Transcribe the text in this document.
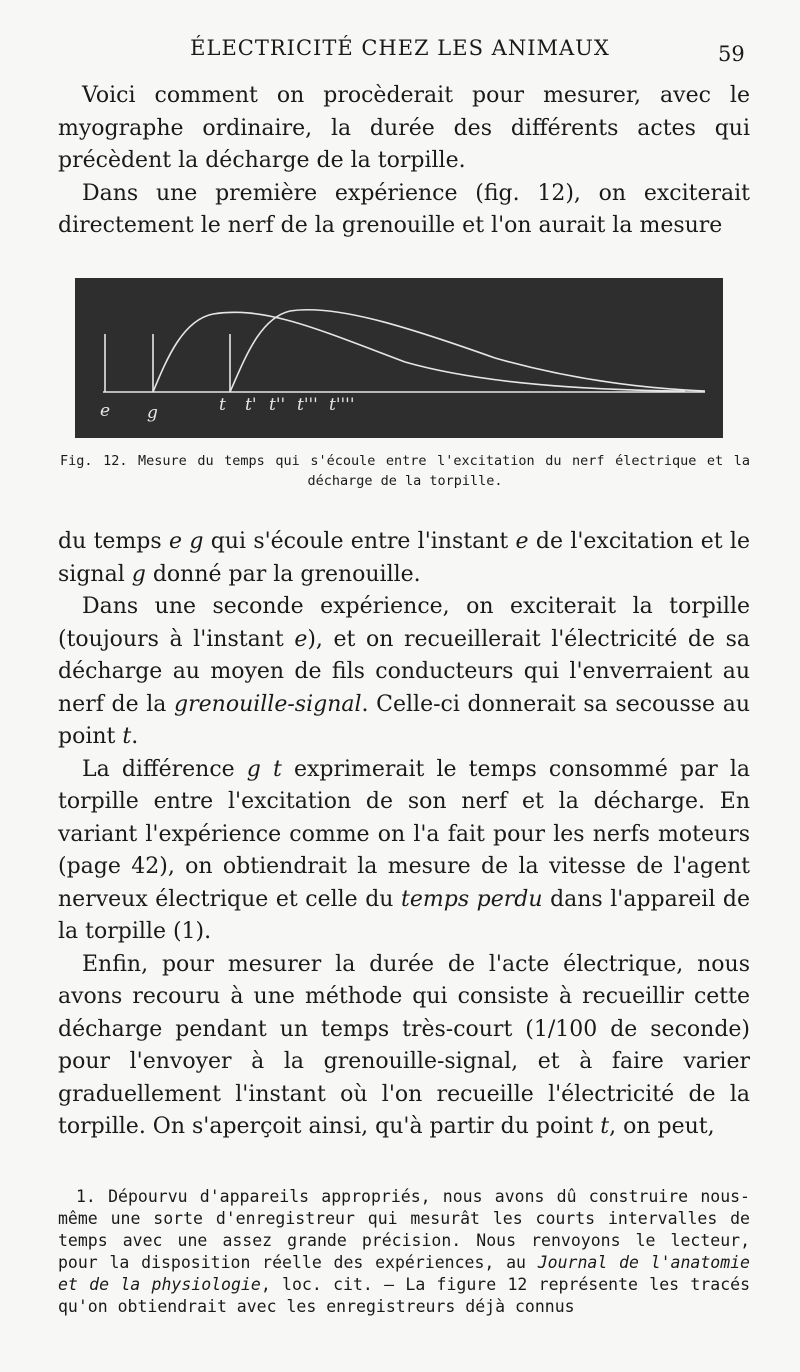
ÉLECTRICITÉ CHEZ LES ANIMAUX	59

Voici comment on procèderait pour mesurer, avec le myographe ordinaire, la durée des différents actes qui précèdent la décharge de la torpille.

Dans une première expérience (fig. 12), on exciterait directement le nerf de la grenouille et l'on aurait la mesure

e g	t t' t'' t''' t''''
Fig. 12. Mesure du temps qui s'écoule entre l'excitation du nerf électrique et la décharge de la torpille.

du temps e g qui s'écoule entre l'instant e de l'excitation et le signal g donné par la grenouille.

Dans une seconde expérience, on exciterait la torpille (toujours à l'instant e), et on recueillerait l'électricité de sa décharge au moyen de fils conducteurs qui l'enverraient au nerf de la grenouille-signal. Celle-ci donnerait sa secousse au point t.

La différence g t exprimerait le temps consommé par la torpille entre l'excitation de son nerf et la décharge. En variant l'expérience comme on l'a fait pour les nerfs moteurs (page 42), on obtiendrait la mesure de la vitesse de l'agent nerveux électrique et celle du temps perdu dans l'appareil de la torpille (1).

Enfin, pour mesurer la durée de l'acte électrique, nous avons recouru à une méthode qui consiste à recueillir cette décharge pendant un temps très-court (1/100 de seconde) pour l'envoyer à la grenouille-signal, et à faire varier graduellement l'instant où l'on recueille l'électricité de la torpille. On s'aperçoit ainsi, qu'à partir du point t, on peut,

1. Dépourvu d'appareils appropriés, nous avons dû construire nous-même une sorte d'enregistreur qui mesurât les courts intervalles de temps avec une assez grande précision. Nous renvoyons le lecteur, pour la disposition réelle des expériences, au Journal de l'anatomie et de la physiologie, loc. cit. — La figure 12 représente les tracés qu'on obtiendrait avec les enregistreurs déjà connus
